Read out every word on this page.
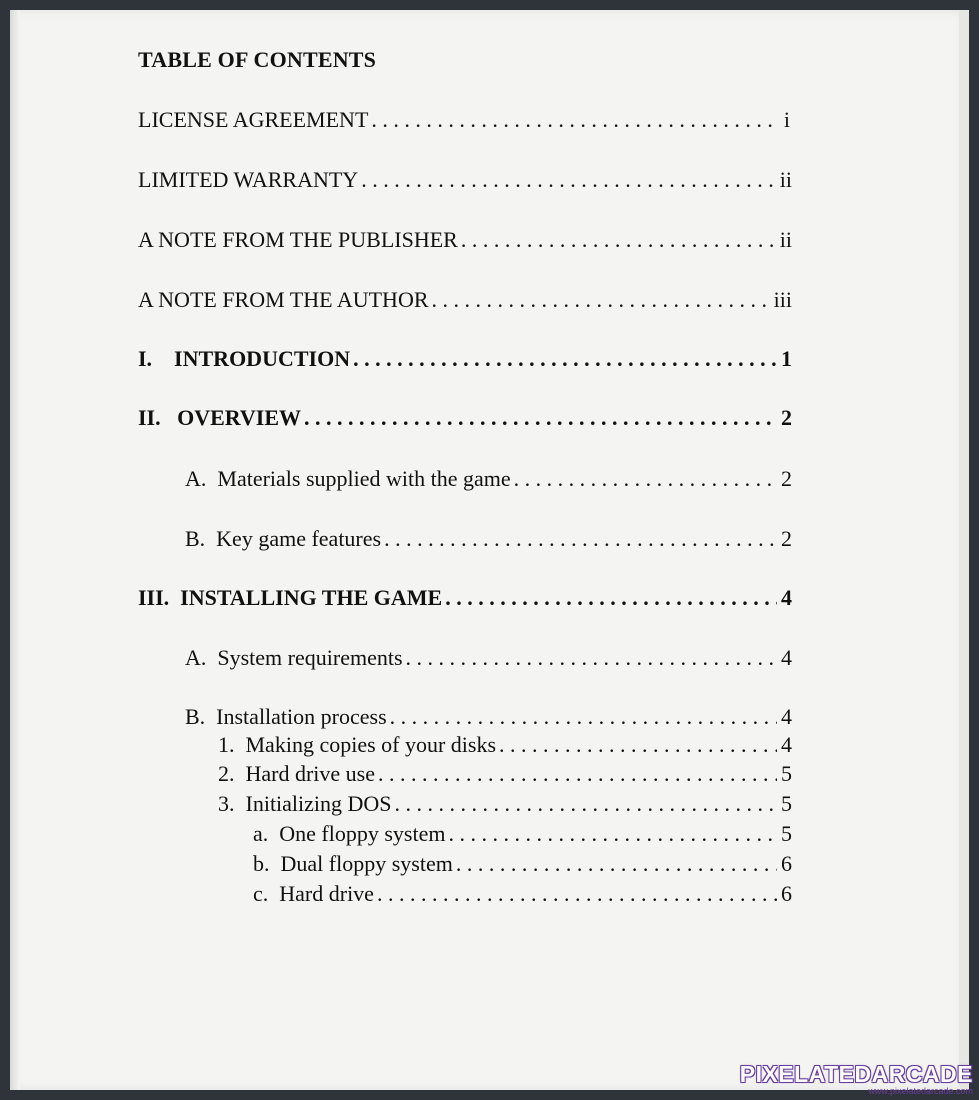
TABLE OF CONTENTS
LICENSE AGREEMENT . . .	i
LIMITED WARRANTY . . .	ii
A NOTE FROM THE PUBLISHER . . .	ii
A NOTE FROM THE AUTHOR . . .	iii
I.    INTRODUCTION . . .	1
II.   OVERVIEW . . .	2
A.  Materials supplied with the game . . .	2
B.  Key game features . . .	2
III.  INSTALLING THE GAME . . .	4
A.  System requirements . . .	4
B.  Installation process . . .	4
1.  Making copies of your disks . . .	4
2.  Hard drive use . . .	5
3.  Initializing DOS . . .	5
a.  One floppy system . . .	5
b.  Dual floppy system . . .	6
c.  Hard drive . . .	6
PIXELATEDARCADE
www.pixelatedarcade.com
